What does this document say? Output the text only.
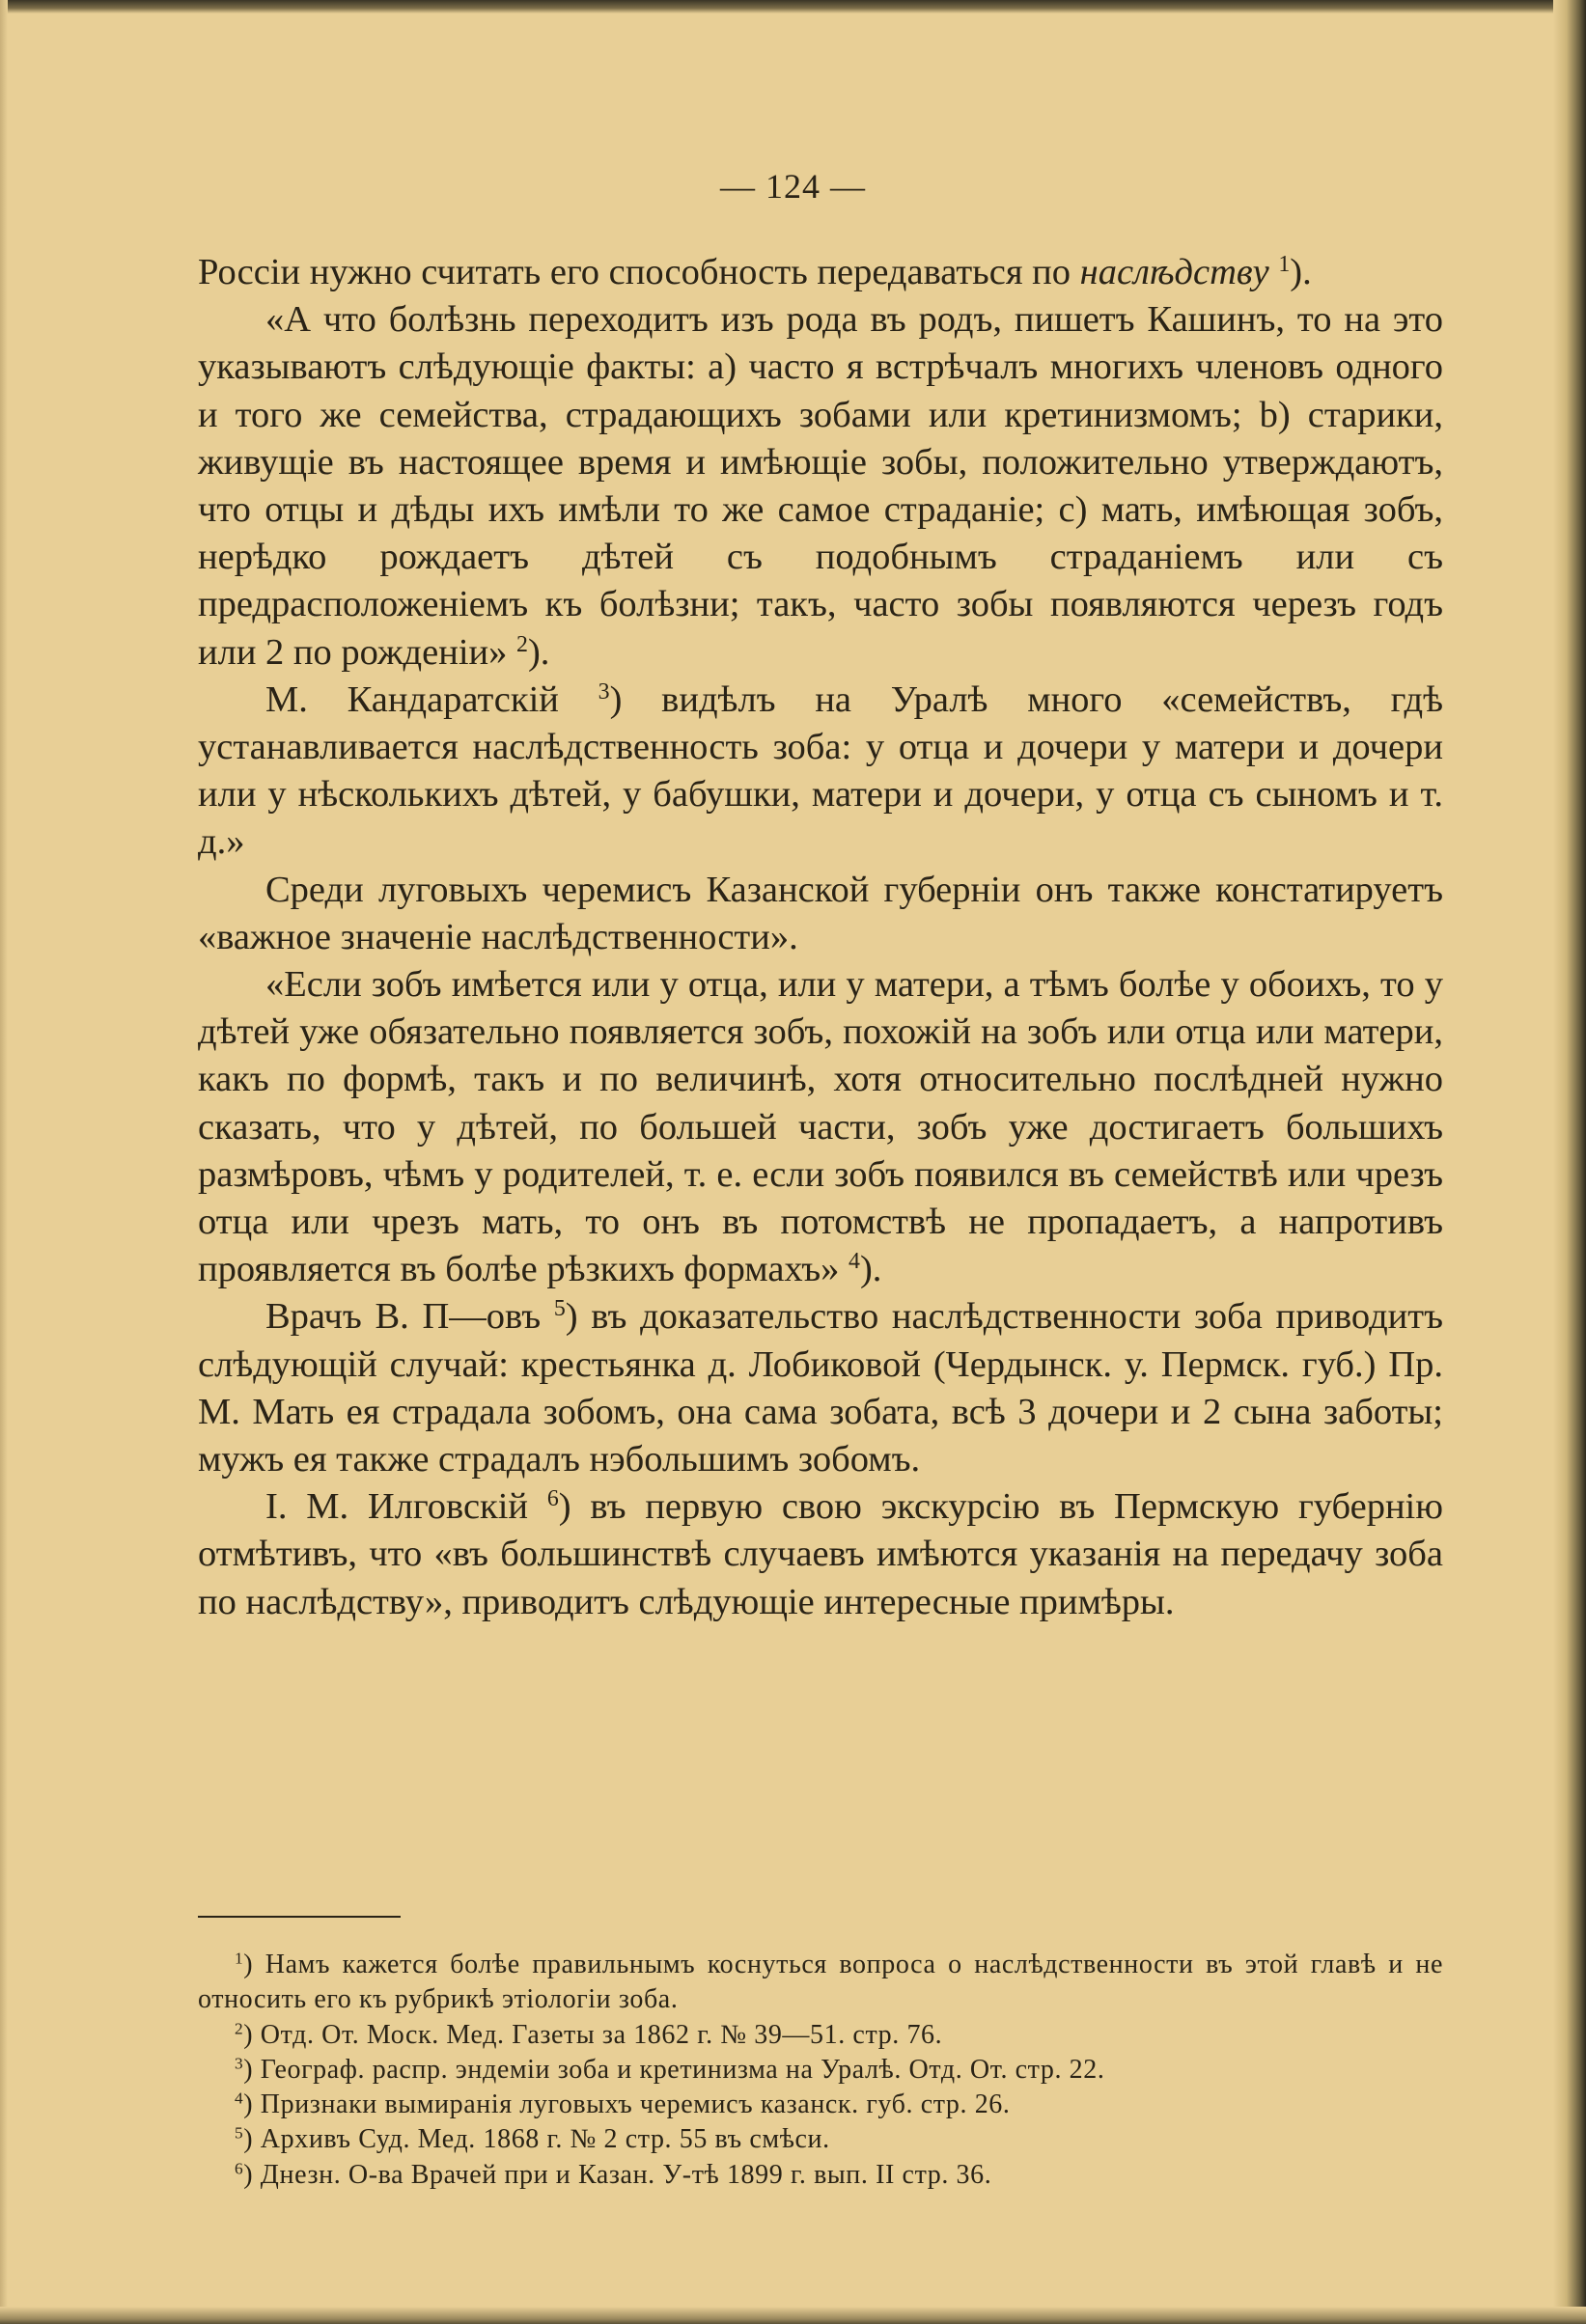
— 124 —

Россіи нужно считать его способность передаваться по наслѣдству $^1$).

«А что болѣзнь переходитъ изъ рода въ родъ, пишетъ Кашинъ, то на это указываютъ слѣдующіе факты: a) часто я встрѣчалъ многихъ членовъ одного и того же семейства, страдающихъ зобами или кретинизмомъ; b) старики, живущіе въ настоящее время и имѣющіе зобы, положительно утверждаютъ, что отцы и дѣды ихъ имѣли то же самое страданіе; c) мать, имѣющая зобъ, нерѣдко рождаетъ дѣтей съ подобнымъ страданіемъ или съ предрасположеніемъ къ болѣзни; такъ, часто зобы появляются черезъ годъ или 2 по рожденіи» $^2$).

М. Кандаратскій $^3$) видѣлъ на Уралѣ много «семействъ, гдѣ устанавливается наслѣдственность зоба: у отца и дочери у матери и дочери или у нѣсколькихъ дѣтей, у бабушки, матери и дочери, у отца съ сыномъ и т. д.»

Среди луговыхъ черемисъ Казанской губерніи онъ также констатируетъ «важное значеніе наслѣдственности».

«Если зобъ имѣется или у отца, или у матери, а тѣмъ болѣе у обоихъ, то у дѣтей уже обязательно появляется зобъ, похожій на зобъ или отца или матери, какъ по формѣ, такъ и по величинѣ, хотя относительно послѣдней нужно сказать, что у дѣтей, по большей части, зобъ уже достигаетъ большихъ размѣровъ, чѣмъ у родителей, т. е. если зобъ появился въ семействѣ или чрезъ отца или чрезъ мать, то онъ въ потомствѣ не пропадаетъ, а напротивъ проявляется въ болѣе рѣзкихъ формахъ» $^4$).

Врачъ В. П—овъ $^5$) въ доказательство наслѣдственности зоба приводитъ слѣдующій случай: крестьянка д. Лобиковой (Чердынск. у. Пермск. губ.) Пр. М. Мать ея страдала зобомъ, она сама зобата, всѣ 3 дочери и 2 сына заботы; мужъ ея также страдалъ нэбольшимъ зобомъ.

І. М. Илговскій $^6$) въ первую свою экскурсію въ Пермскую губернію отмѣтивъ, что «въ большинствѣ случаевъ имѣются указанія на передачу зоба по наслѣдству», приводитъ слѣдующіе интересные примѣры.

$^1$) Намъ кажется болѣе правильнымъ коснуться вопроса о наслѣдственности въ этой главѣ и не относить его къ рубрикѣ этіологіи зоба.

$^2$) Отд. От. Моск. Мед. Газеты за 1862 г. № 39—51. стр. 76.

$^3$) Географ. распр. эндеміи зоба и кретинизма на Уралѣ. Отд. От. стр. 22.

$^4$) Признаки вымиранія луговыхъ черемисъ казанск. губ. стр. 26.

$^5$) Архивъ Суд. Мед. 1868 г. № 2 стр. 55 въ смѣси.

$^6$) Днезн. О-ва Врачей при и Казан. У-тѣ 1899 г. вып. II стр. 36.
